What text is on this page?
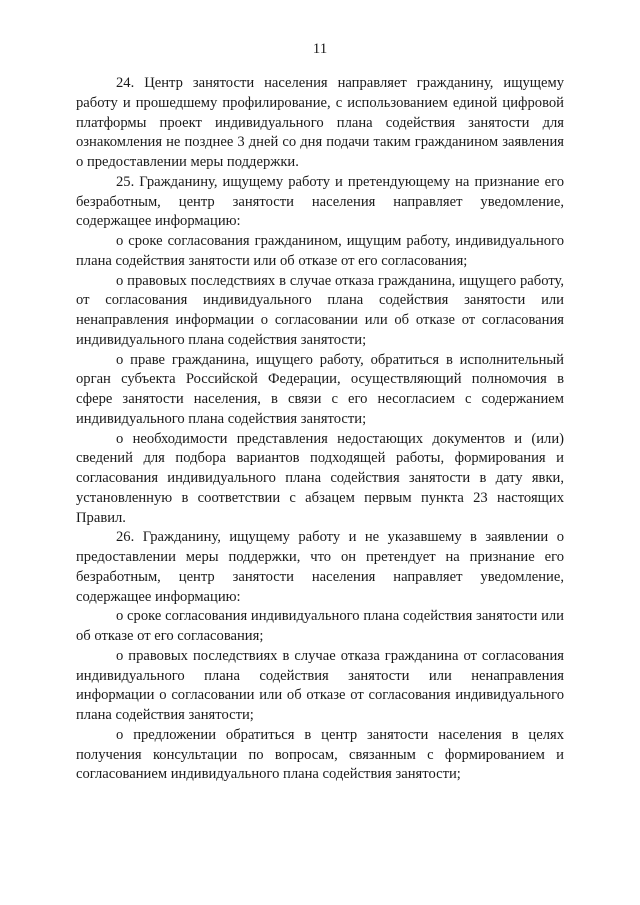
11

24. Центр занятости населения направляет гражданину, ищущему работу и прошедшему профилирование, с использованием единой цифровой платформы проект индивидуального плана содействия занятости для ознакомления не позднее 3 дней со дня подачи таким гражданином заявления о предоставлении меры поддержки.

25. Гражданину, ищущему работу и претендующему на признание его безработным, центр занятости населения направляет уведомление, содержащее информацию:

о сроке согласования гражданином, ищущим работу, индивидуального плана содействия занятости или об отказе от его согласования;

о правовых последствиях в случае отказа гражданина, ищущего работу, от согласования индивидуального плана содействия занятости или ненаправления информации о согласовании или об отказе от согласования индивидуального плана содействия занятости;

о праве гражданина, ищущего работу, обратиться в исполнительный орган субъекта Российской Федерации, осуществляющий полномочия в сфере занятости населения, в связи с его несогласием с содержанием индивидуального плана содействия занятости;

о необходимости представления недостающих документов и (или) сведений для подбора вариантов подходящей работы, формирования и согласования индивидуального плана содействия занятости в дату явки, установленную в соответствии с абзацем первым пункта 23 настоящих Правил.

26. Гражданину, ищущему работу и не указавшему в заявлении о предоставлении меры поддержки, что он претендует на признание его безработным, центр занятости населения направляет уведомление, содержащее информацию:

о сроке согласования индивидуального плана содействия занятости или об отказе от его согласования;

о правовых последствиях в случае отказа гражданина от согласования индивидуального плана содействия занятости или ненаправления информации о согласовании или об отказе от согласования индивидуального плана содействия занятости;

о предложении обратиться в центр занятости населения в целях получения консультации по вопросам, связанным с формированием и согласованием индивидуального плана содействия занятости;
